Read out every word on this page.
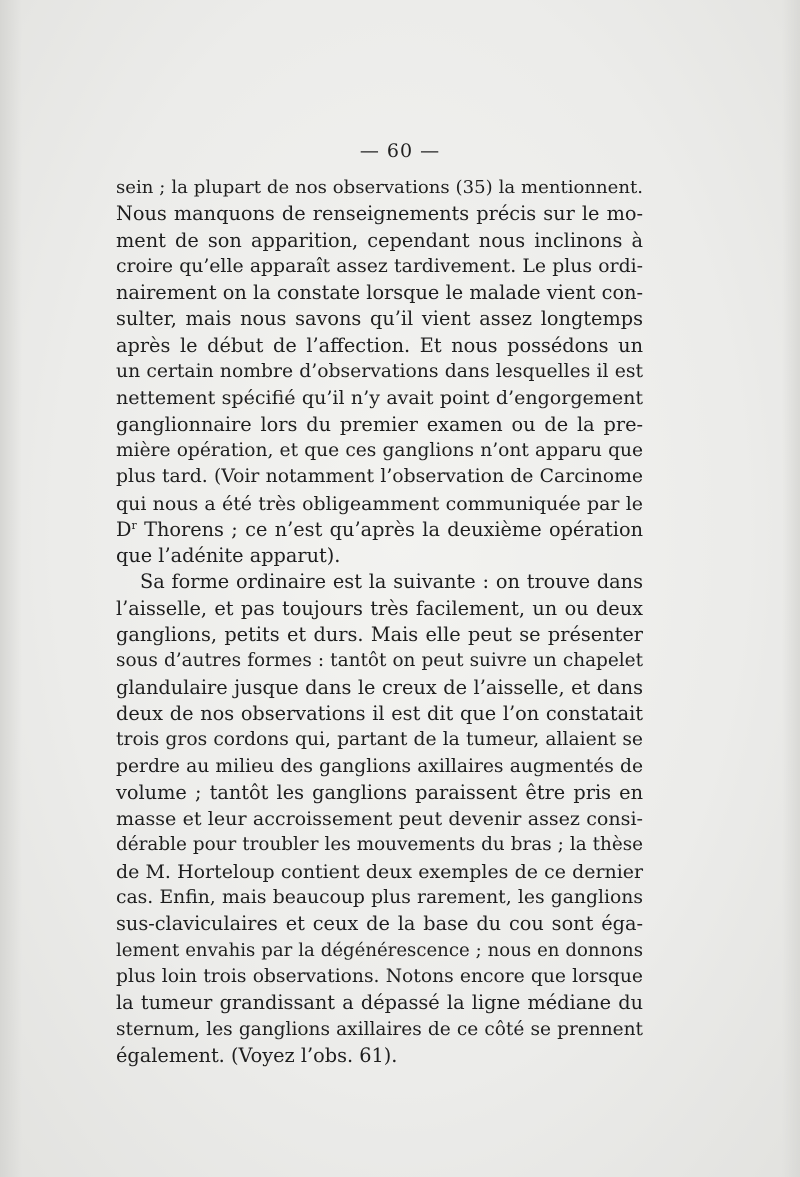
— 60 —
sein ; la plupart de nos observations (35) la mentionnent.
Nous manquons de renseignements précis sur le mo-
ment de son apparition, cependant nous inclinons à
croire qu’elle apparaît assez tardivement. Le plus ordi-
nairement on la constate lorsque le malade vient con-
sulter, mais nous savons qu’il vient assez longtemps
après le début de l’affection. Et nous possédons un
un certain nombre d’observations dans lesquelles il est
nettement spécifié qu’il n’y avait point d’engorgement
ganglionnaire lors du premier examen ou de la pre-
mière opération, et que ces ganglions n’ont apparu que
plus tard. (Voir notamment l’observation de Carcinome
qui nous a été très obligeamment communiquée par le
$D^r$ Thorens ; ce n’est qu’après la deuxième opération
que l’adénite apparut).
Sa forme ordinaire est la suivante : on trouve dans
l’aisselle, et pas toujours très facilement, un ou deux
ganglions, petits et durs. Mais elle peut se présenter
sous d’autres formes : tantôt on peut suivre un chapelet
glandulaire jusque dans le creux de l’aisselle, et dans
deux de nos observations il est dit que l’on constatait
trois gros cordons qui, partant de la tumeur, allaient se
perdre au milieu des ganglions axillaires augmentés de
volume ; tantôt les ganglions paraissent être pris en
masse et leur accroissement peut devenir assez consi-
dérable pour troubler les mouvements du bras ; la thèse
de M. Horteloup contient deux exemples de ce dernier
cas. Enfin, mais beaucoup plus rarement, les ganglions
sus-claviculaires et ceux de la base du cou sont éga-
lement envahis par la dégénérescence ; nous en donnons
plus loin trois observations. Notons encore que lorsque
la tumeur grandissant a dépassé la ligne médiane du
sternum, les ganglions axillaires de ce côté se prennent
également. (Voyez l’obs. 61).
